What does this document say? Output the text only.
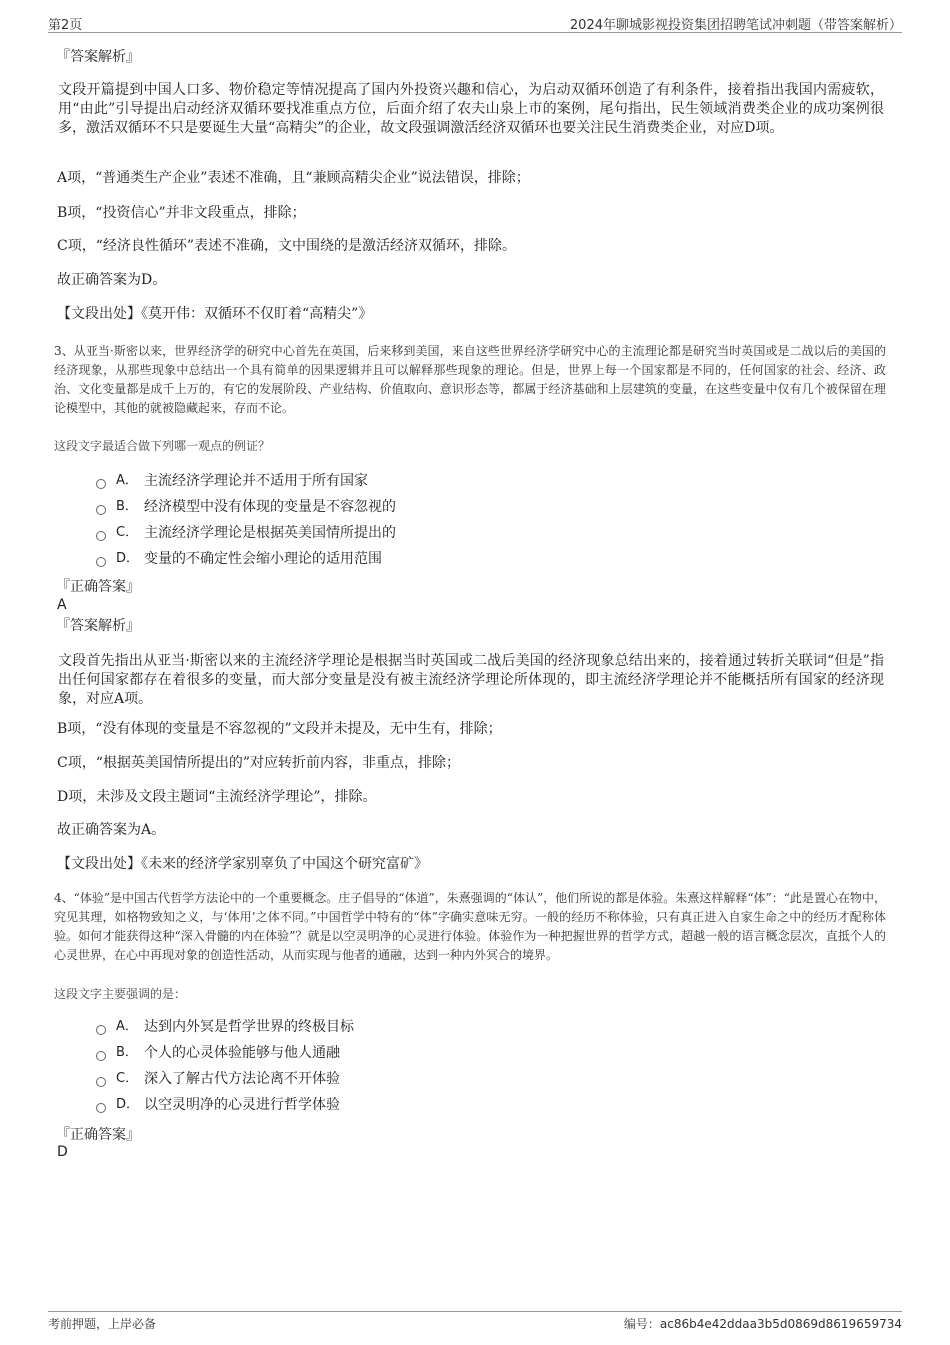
第2页	2024年聊城影视投资集团招聘笔试冲刺题（带答案解析）
『答案解析』
文段开篇提到中国人口多、物价稳定等情况提高了国内外投资兴趣和信心，为启动双循环创造了有利条件，接着指出我国内需疲软，用“由此”引导提出启动经济双循环要找准重点方位，后面介绍了农夫山泉上市的案例，尾句指出，民生领域消费类企业的成功案例很多，激活双循环不只是要诞生大量“高精尖”的企业，故文段强调激活经济双循环也要关注民生消费类企业，对应D项。
A项，“普通类生产企业”表述不准确，且“兼顾高精尖企业”说法错误，排除；
B项，“投资信心”并非文段重点，排除；
C项，“经济良性循环”表述不准确，文中围绕的是激活经济双循环，排除。
故正确答案为D。
【文段出处】《莫开伟：双循环不仅盯着“高精尖”》
3、从亚当·斯密以来，世界经济学的研究中心首先在英国，后来移到美国，来自这些世界经济学研究中心的主流理论都是研究当时英国或是二战以后的美国的经济现象，从那些现象中总结出一个具有简单的因果逻辑并且可以解释那些现象的理论。但是，世界上每一个国家都是不同的，任何国家的社会、经济、政治、文化变量都是成千上万的，有它的发展阶段、产业结构、价值取向、意识形态等，都属于经济基础和上层建筑的变量，在这些变量中仅有几个被保留在理论模型中，其他的就被隐藏起来，存而不论。
这段文字最适合做下列哪一观点的例证？
A． 主流经济学理论并不适用于所有国家
B． 经济模型中没有体现的变量是不容忽视的
C． 主流经济学理论是根据英美国情所提出的
D． 变量的不确定性会缩小理论的适用范围
『正确答案』
A
『答案解析』
文段首先指出从亚当·斯密以来的主流经济学理论是根据当时英国或二战后美国的经济现象总结出来的，接着通过转折关联词“但是”指出任何国家都存在着很多的变量，而大部分变量是没有被主流经济学理论所体现的，即主流经济学理论并不能概括所有国家的经济现象，对应A项。
B项，“没有体现的变量是不容忽视的”文段并未提及，无中生有，排除；
C项，“根据英美国情所提出的”对应转折前内容，非重点，排除；
D项，未涉及文段主题词“主流经济学理论”，排除。
故正确答案为A。
【文段出处】《未来的经济学家别辜负了中国这个研究富矿》
4、“体验”是中国古代哲学方法论中的一个重要概念。庄子倡导的“体道”，朱熹强调的“体认”，他们所说的都是体验。朱熹这样解释“体”：“此是置心在物中，究见其理，如格物致知之义，与‘体用’之体不同。”中国哲学中特有的“体”字确实意味无穷。一般的经历不称体验，只有真正进入自家生命之中的经历才配称体验。如何才能获得这种“深入骨髓的内在体验”？就是以空灵明净的心灵进行体验。体验作为一种把握世界的哲学方式，超越一般的语言概念层次，直抵个人的心灵世界，在心中再现对象的创造性活动，从而实现与他者的通融，达到一种内外冥合的境界。
这段文字主要强调的是：
A． 达到内外冥是哲学世界的终极目标
B． 个人的心灵体验能够与他人通融
C． 深入了解古代方法论离不开体验
D． 以空灵明净的心灵进行哲学体验
『正确答案』
D
考前押题，上岸必备	编号：ac86b4e42ddaa3b5d0869d8619659734
